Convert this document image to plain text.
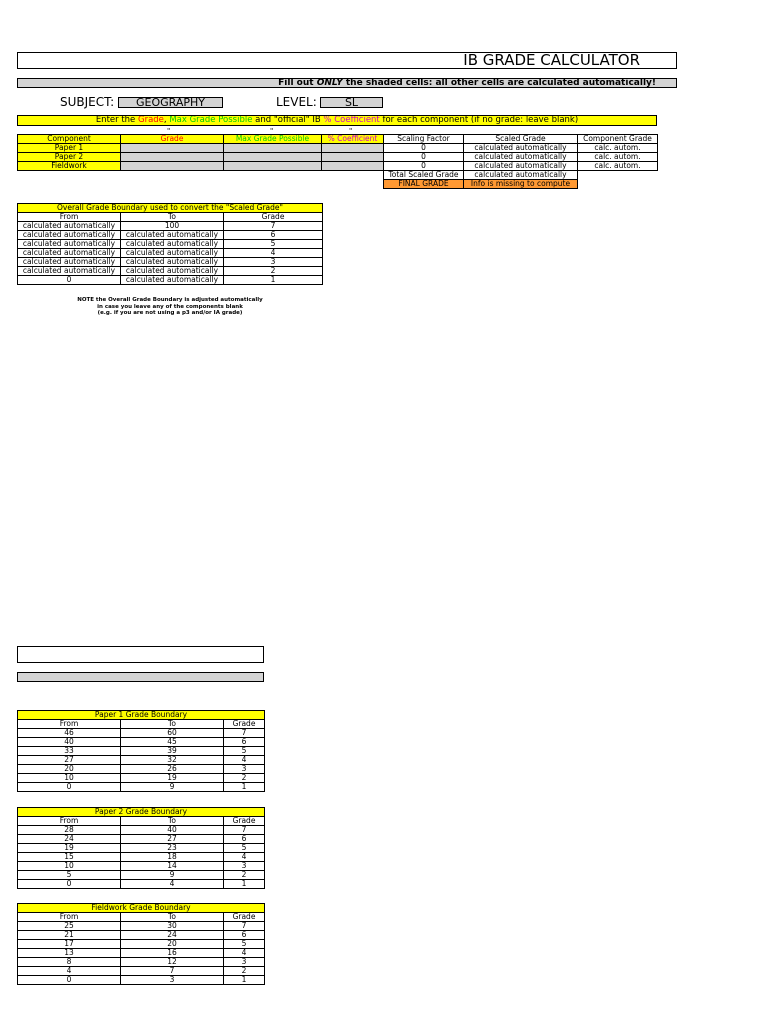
IB GRADE CALCULATOR
Fill out ONLY the shaded cells: all other cells are calculated automatically!
SUBJECT:	GEOGRAPHY	LEVEL:	SL
Enter the Grade, Max Grade Possible and "official" IB % Coefficient for each component (if no grade: leave blank)
"	"	"
Component	Grade	Max Grade Possible	% Coefficient	Scaling Factor	Scaled Grade	Component Grade
Paper 1				0	calculated automatically	calc. autom.
Paper 2				0	calculated automatically	calc. autom.
Fieldwork				0	calculated automatically	calc. autom.
				Total Scaled Grade	calculated automatically	
				FINAL GRADE	Info is missing to compute	
Overall Grade Boundary used to convert the "Scaled Grade"		
From	To	Grade
calculated automatically	100	7
calculated automatically	calculated automatically	6
calculated automatically	calculated automatically	5
calculated automatically	calculated automatically	4
calculated automatically	calculated automatically	3
calculated automatically	calculated automatically	2
0	calculated automatically	1
NOTE the Overall Grade Boundary is adjusted automatically
in case you leave any of the components blank
(e.g. if you are not using a p3 and/or IA grade)
Paper 1 Grade Boundary		
From	To	Grade
46	60	7
40	45	6
33	39	5
27	32	4
20	26	3
10	19	2
0	9	1
Paper 2 Grade Boundary		
From	To	Grade
28	40	7
24	27	6
19	23	5
15	18	4
10	14	3
5	9	2
0	4	1
Fieldwork Grade Boundary		
From	To	Grade
25	30	7
21	24	6
17	20	5
13	16	4
8	12	3
4	7	2
0	3	1
